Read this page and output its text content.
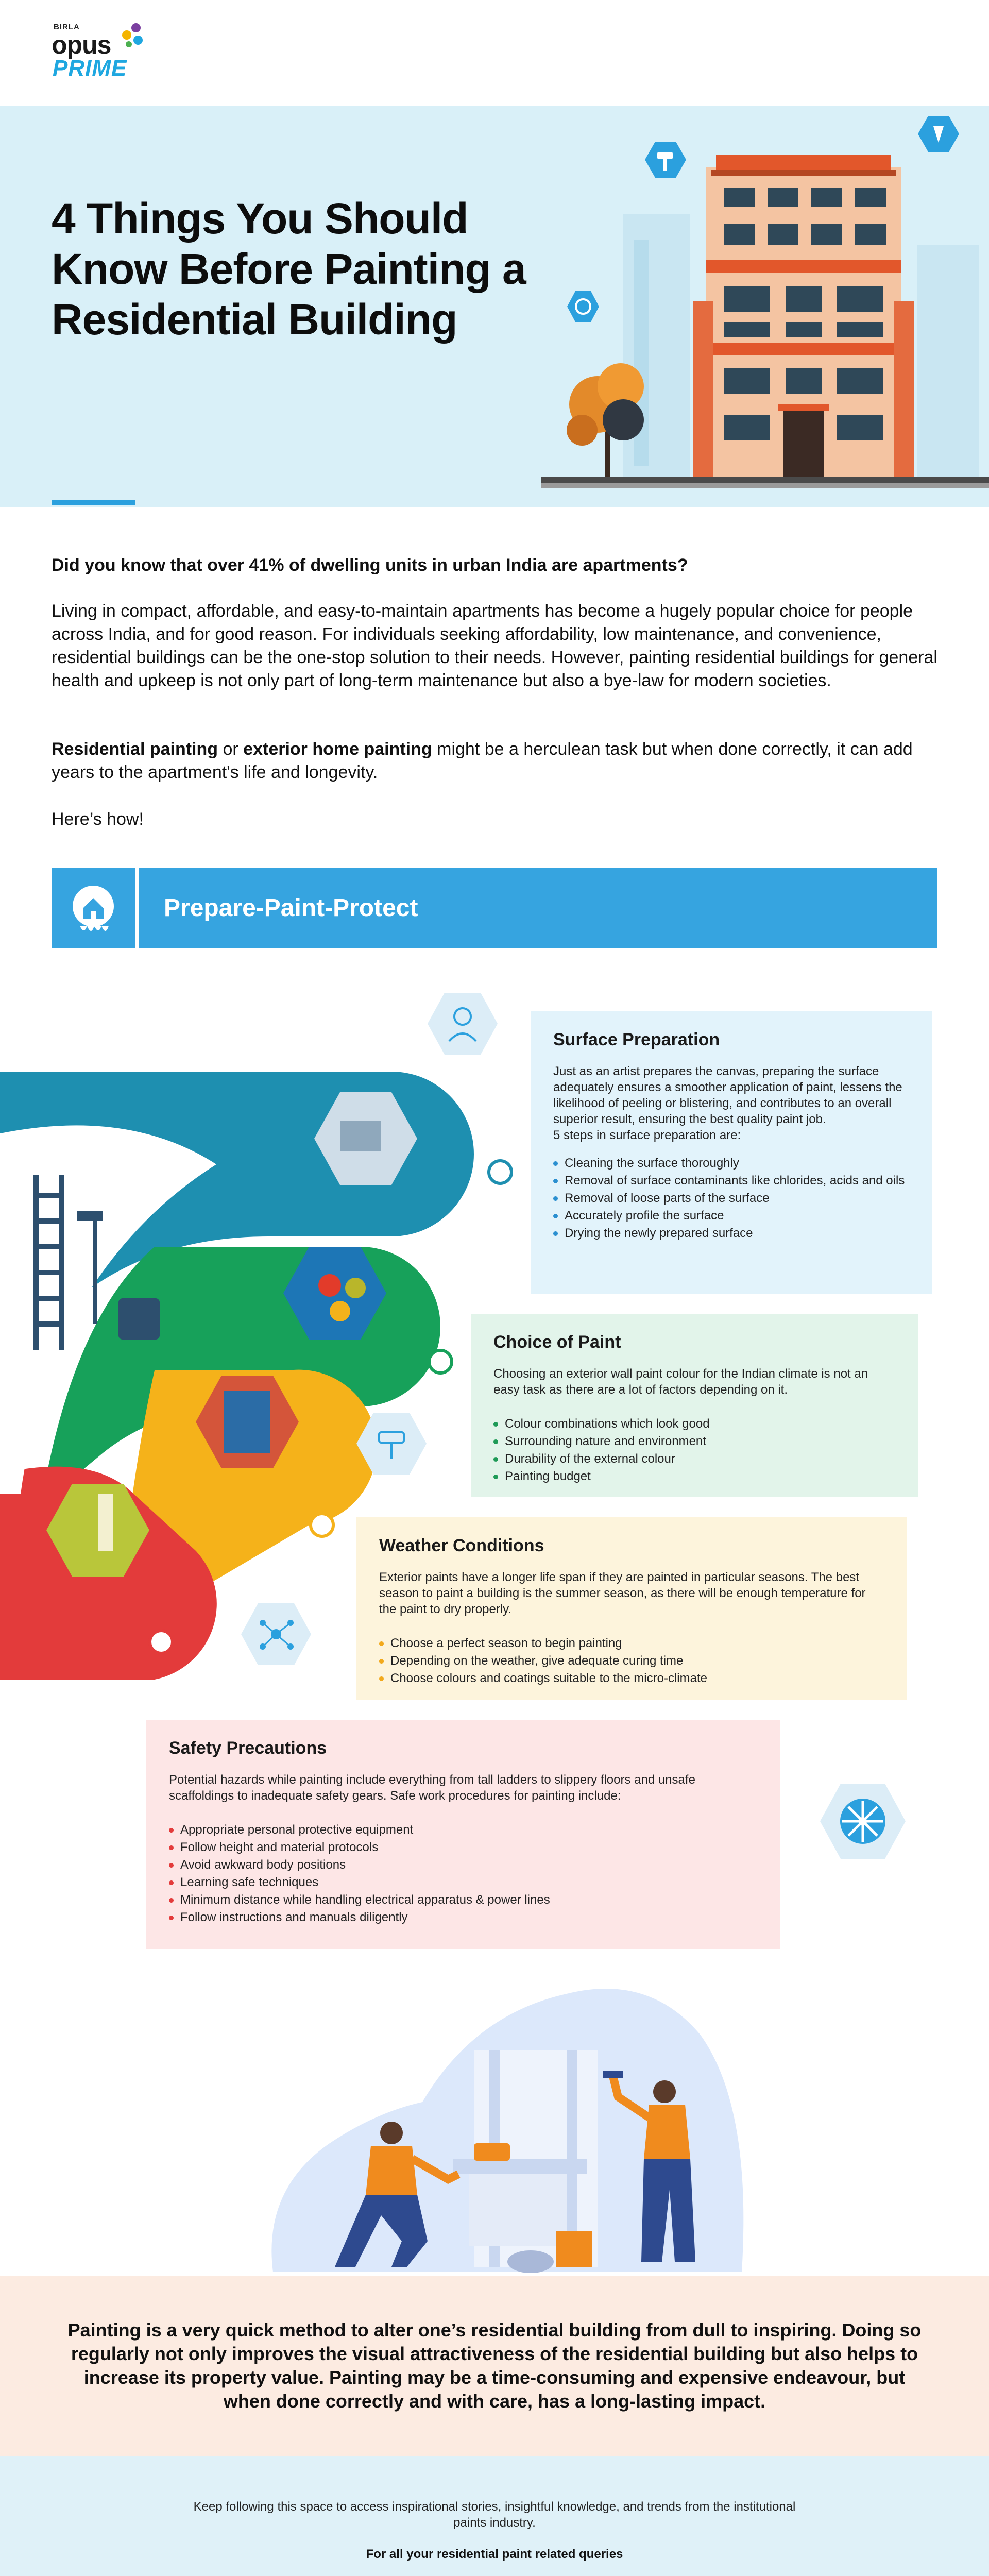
BIRLA
opus
PRIME
4 Things You Should Know Before Painting a Residential Building

Did you know that over 41% of dwelling units in urban India are apartments?

Living in compact, affordable, and easy-to-maintain apartments has become a hugely popular choice for people across India, and for good reason. For individuals seeking affordability, low maintenance, and convenience, residential buildings can be the one-stop solution to their needs. However, painting residential buildings for general health and upkeep is not only part of long-term maintenance but also a bye-law for modern societies.

Residential painting or exterior home painting might be a herculean task but when done correctly, it can add years to the apartment's life and longevity.

Here’s how!

Prepare-Paint-Protect
Surface Preparation

Just as an artist prepares the canvas, preparing the surface adequately ensures a smoother application of paint, lessens the likelihood of peeling or blistering, and contributes to an overall superior result, ensuring the best quality paint job.

5 steps in surface preparation are:

Cleaning the surface thoroughly
Removal of surface contaminants like chlorides, acids and oils
Removal of loose parts of the surface
Accurately profile the surface
Drying the newly prepared surface
Choice of Paint

Choosing an exterior wall paint colour for the Indian climate is not an easy task as there are a lot of factors depending on it.

Colour combinations which look good
Surrounding nature and environment
Durability of the external colour
Painting budget
Weather Conditions

Exterior paints have a longer life span if they are painted in particular seasons. The best season to paint a building is the summer season, as there will be enough temperature for the paint to dry properly.

Choose a perfect season to begin painting
Depending on the weather, give adequate curing time
Choose colours and coatings suitable to the micro-climate
Safety Precautions

Potential hazards while painting include everything from tall ladders to slippery floors and unsafe scaffoldings to inadequate safety gears. Safe work procedures for painting include:

Appropriate personal protective equipment
Follow height and material protocols
Avoid awkward body positions
Learning safe techniques
Minimum distance while handling electrical apparatus & power lines
Follow instructions and manuals diligently

Painting is a very quick method to alter one’s residential building from dull to inspiring. Doing so regularly not only improves the visual attractiveness of the residential building but also helps to increase its property value. Painting may be a time-consuming and expensive endeavour, but when done correctly and with care, has a long-lasting impact.

Keep following this space to access inspirational stories, insightful knowledge, and trends from the institutional paints industry.

For all your residential paint related queries
